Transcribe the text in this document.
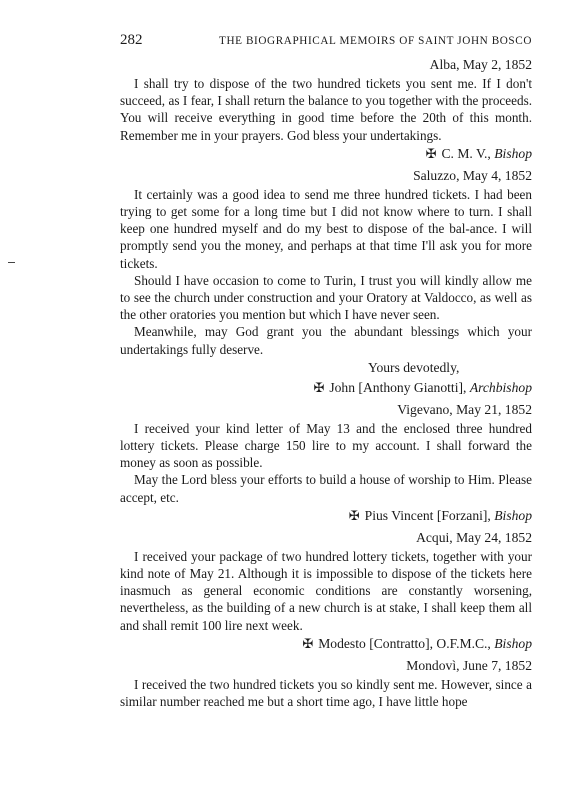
282	THE BIOGRAPHICAL MEMOIRS OF SAINT JOHN BOSCO
Alba, May 2, 1852

I shall try to dispose of the two hundred tickets you sent me. If I don't succeed, as I fear, I shall return the balance to you together with the proceeds. You will receive everything in good time before the 20th of this month. Remember me in your prayers. God bless your undertakings.

✠ C. M. V., Bishop
Saluzzo, May 4, 1852

It certainly was a good idea to send me three hundred tickets. I had been trying to get some for a long time but I did not know where to turn. I shall keep one hundred myself and do my best to dispose of the bal-ance. I will promptly send you the money, and perhaps at that time I'll ask you for more tickets.

Should I have occasion to come to Turin, I trust you will kindly allow me to see the church under construction and your Oratory at Valdocco, as well as the other oratories you mention but which I have never seen.

Meanwhile, may God grant you the abundant blessings which your undertakings fully deserve.

Yours devotedly,
✠ John [Anthony Gianotti], Archbishop
Vigevano, May 21, 1852

I received your kind letter of May 13 and the enclosed three hundred lottery tickets. Please charge 150 lire to my account. I shall forward the money as soon as possible.

May the Lord bless your efforts to build a house of worship to Him. Please accept, etc.

✠ Pius Vincent [Forzani], Bishop
Acqui, May 24, 1852

I received your package of two hundred lottery tickets, together with your kind note of May 21. Although it is impossible to dispose of the tickets here inasmuch as general economic conditions are constantly worsening, nevertheless, as the building of a new church is at stake, I shall keep them all and shall remit 100 lire next week.

✠ Modesto [Contratto], O.F.M.C., Bishop
Mondovì, June 7, 1852

I received the two hundred tickets you so kindly sent me. However, since a similar number reached me but a short time ago, I have little hope
